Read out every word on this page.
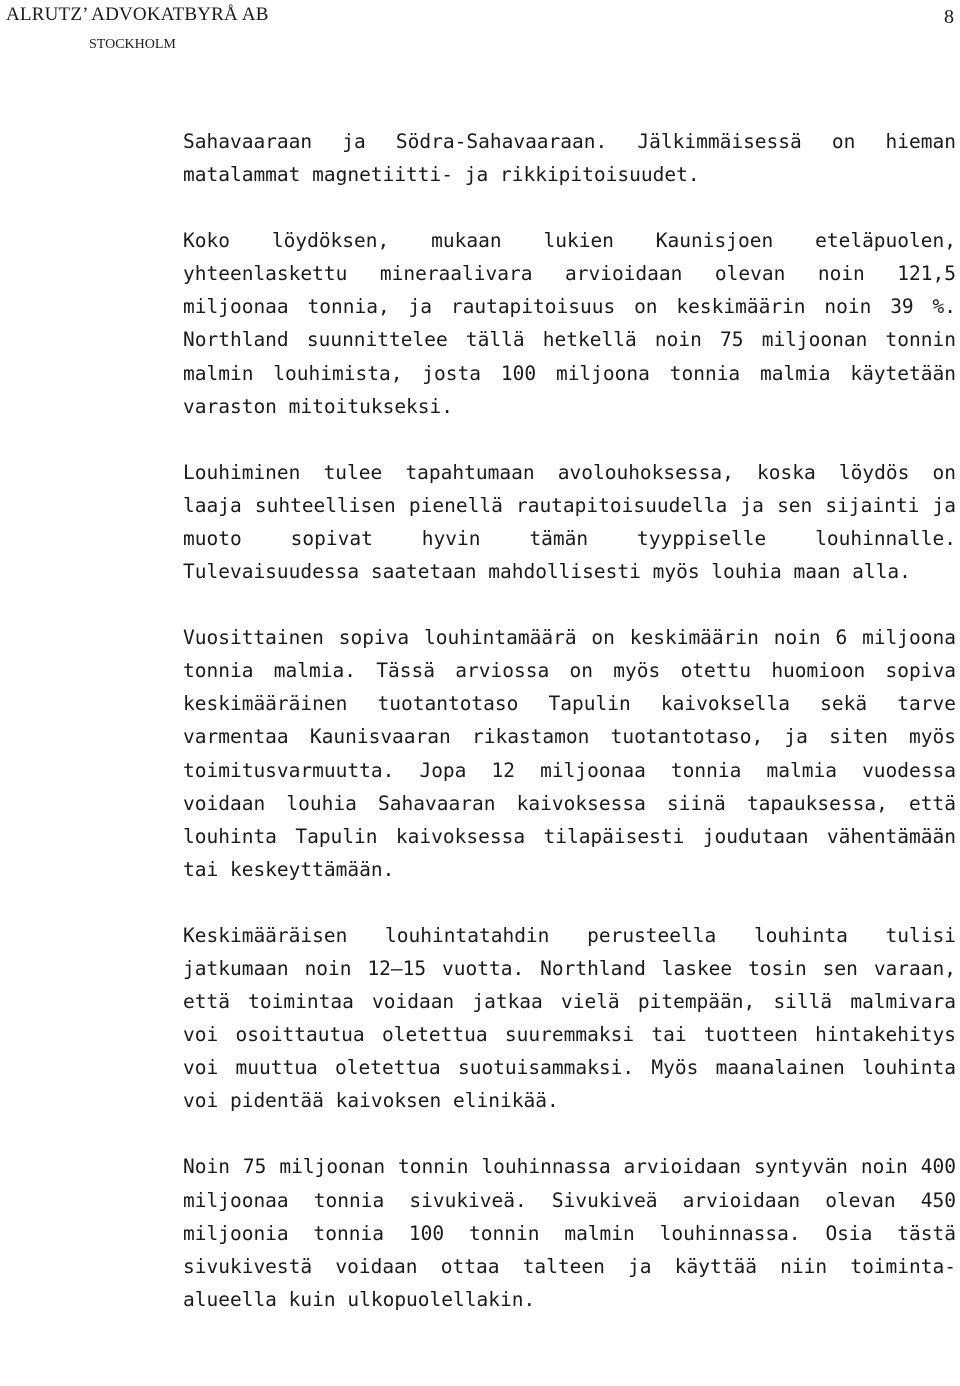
ALRUTZ’ ADVOKATBYRÅ AB
STOCKHOLM
8

Sahavaaraan ja Södra-Sahavaaraan. Jälkimmäisessä on hieman matalammat magnetiitti- ja rikkipitoisuudet.

Koko löydöksen, mukaan lukien Kaunisjoen eteläpuolen, yhteenlaskettu mineraalivara arvioidaan olevan noin 121,5 miljoonaa tonnia, ja rautapitoisuus on keskimäärin noin 39 %. Northland suunnittelee tällä hetkellä noin 75 miljoonan tonnin malmin louhimista, josta 100 miljoona tonnia malmia käytetään varaston mitoitukseksi.

Louhiminen tulee tapahtumaan avolouhoksessa, koska löydös on laaja suhteellisen pienellä rautapitoisuudella ja sen sijainti ja muoto sopivat hyvin tämän tyyppiselle louhinnalle. Tulevaisuudessa saatetaan mahdollisesti myös louhia maan alla.

Vuosittainen sopiva louhintamäärä on keskimäärin noin 6 miljoona tonnia malmia. Tässä arviossa on myös otettu huomioon sopiva keskimääräinen tuotantotaso Tapulin kaivoksella sekä tarve varmentaa Kaunisvaaran rikastamon tuotantotaso, ja siten myös toimitusvarmuutta. Jopa 12 miljoonaa tonnia malmia vuodessa voidaan louhia Sahavaaran kaivoksessa siinä tapauksessa, että louhinta Tapulin kaivoksessa tilapäisesti joudutaan vähentämään tai keskeyttämään.

Keskimääräisen louhintatahdin perusteella louhinta tulisi jatkumaan noin 12–15 vuotta. Northland laskee tosin sen varaan, että toimintaa voidaan jatkaa vielä pitempään, sillä malmivara voi osoittautua oletettua suuremmaksi tai tuotteen hintakehitys voi muuttua oletettua suotuisammaksi. Myös maanalainen louhinta voi pidentää kaivoksen elinikää.

Noin 75 miljoonan tonnin louhinnassa arvioidaan syntyvän noin 400 miljoonaa tonnia sivukiveä. Sivukiveä arvioidaan olevan 450 miljoonia tonnia 100 tonnin malmin louhinnassa. Osia tästä sivukivestä voidaan ottaa talteen ja käyttää niin toiminta-alueella kuin ulkopuolellakin.
